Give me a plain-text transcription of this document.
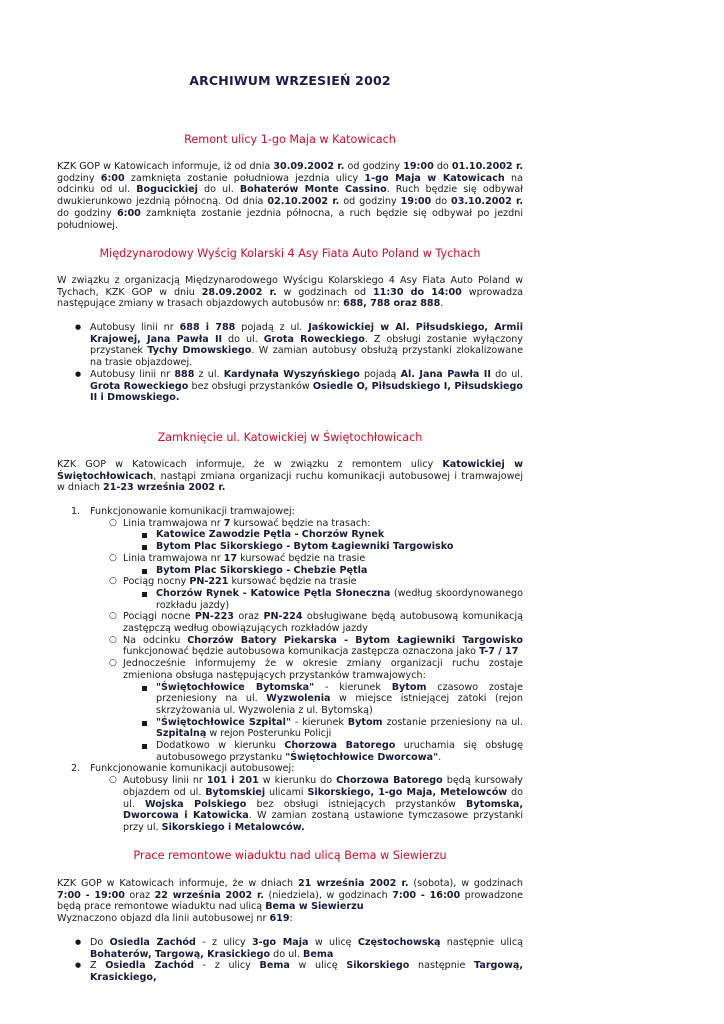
ARCHIWUM WRZESIEŃ 2002
Remont ulicy 1-go Maja w Katowicach

KZK GOP w Katowicach informuje, iż od dnia 30.09.2002 r. od godziny 19:00 do 01.10.2002 r. godziny 6:00 zamknięta zostanie południowa jezdnia ulicy 1-go Maja w Katowicach na odcinku od ul. Bogucickiej do ul. Bohaterów Monte Cassino. Ruch będzie się odbywał dwukierunkowo jezdnią północną. Od dnia 02.10.2002 r. od godziny 19:00 do 03.10.2002 r. do godziny 6:00 zamknięta zostanie jezdnia północna, a ruch będzie się odbywał po jezdni południowej.

Międzynarodowy Wyścig Kolarski 4 Asy Fiata Auto Poland w Tychach

W związku z organizacją Międzynarodowego Wyścigu Kolarskiego 4 Asy Fiata Auto Poland w Tychach, KZK GOP w dniu 28.09.2002 r. w godzinach od 11:30 do 14:00 wprowadza następujące zmiany w trasach objazdowych autobusów nr: 688, 788 oraz 888.

● Autobusy linii nr 688 i 788 pojadą z ul. Jaśkowickiej w Al. Piłsudskiego, Armii Krajowej, Jana Pawła II do ul. Grota Roweckiego. Z obsługi zostanie wyłączony przystanek Tychy Dmowskiego. W zamian autobusy obsłużą przystanki zlokalizowane na trasie objazdowej.
● Autobusy linii nr 888 z ul. Kardynała Wyszyńskiego pojadą Al. Jana Pawła II do ul. Grota Roweckiego bez obsługi przystanków Osiedle O, Piłsudskiego I, Piłsudskiego II i Dmowskiego.
Zamknięcie ul. Katowickiej w Świętochłowicach

KZK GOP w Katowicach informuje, że w związku z remontem ulicy Katowickiej w Świętochłowicach, nastąpi zmiana organizacji ruchu komunikacji autobusowej i tramwajowej w dniach 21-23 września 2002 r.

1. Funkcjonowanie komunikacji tramwajowej:
○ Linia tramwajowa nr 7 kursować będzie na trasach:
Katowice Zawodzie Pętla - Chorzów Rynek
Bytom Plac Sikorskiego - Bytom Łagiewniki Targowisko
○ Linia tramwajowa nr 17 kursować będzie na trasie
Bytom Plac Sikorskiego - Chebzie Pętla
○ Pociąg nocny PN-221 kursować będzie na trasie
Chorzów Rynek - Katowice Pętla Słoneczna (według skoordynowanego rozkładu jazdy)
○ Pociągi nocne PN-223 oraz PN-224 obsługiwane będą autobusową komunikacją zastępczą według obowiązujących rozkładów jazdy
○ Na odcinku Chorzów Batory Piekarska - Bytom Łagiewniki Targowisko funkcjonować będzie autobusowa komunikacja zastępcza oznaczona jako T-7 / 17
○ Jednocześnie informujemy że w okresie zmiany organizacji ruchu zostaje zmieniona obsługa następujących przystanków tramwajowych:
"Świętochłowice Bytomska" - kierunek Bytom czasowo zostaje przeniesiony na ul. Wyzwolenia w miejsce istniejącej zatoki (rejon skrzyżowania ul. Wyzwolenia z ul. Bytomską)
"Świętochłowice Szpital" - kierunek Bytom zostanie przeniesiony na ul. Szpitalną w rejon Posterunku Policji
Dodatkowo w kierunku Chorzowa Batorego uruchamia się obsługę autobusowego przystanku "Świętochłowice Dworcowa".
2. Funkcjonowanie komunikacji autobusowej:
○ Autobusy linii nr 101 i 201 w kierunku do Chorzowa Batorego będą kursowały objazdem od ul. Bytomskiej ulicami Sikorskiego, 1-go Maja, Metelowców do ul. Wojska Polskiego bez obsługi istniejących przystanków Bytomska, Dworcowa i Katowicka. W zamian zostaną ustawione tymczasowe przystanki przy ul. Sikorskiego i Metalowców.
Prace remontowe wiaduktu nad ulicą Bema w Siewierzu

KZK GOP w Katowicach informuje, że w dniach 21 września 2002 r. (sobota), w godzinach 7:00 - 19:00 oraz 22 września 2002 r. (niedziela), w godzinach 7:00 - 16:00 prowadzone będą prace remontowe wiaduktu nad ulicą Bema w Siewierzu
Wyznaczono objazd dla linii autobusowej nr 619:

● Do Osiedla Zachód - z ulicy 3-go Maja w ulicę Częstochowską następnie ulicą Bohaterów, Targową, Krasickiego do ul. Bema
● Z Osiedla Zachód - z ulicy Bema w ulicę Sikorskiego następnie Targową, Krasickiego,
